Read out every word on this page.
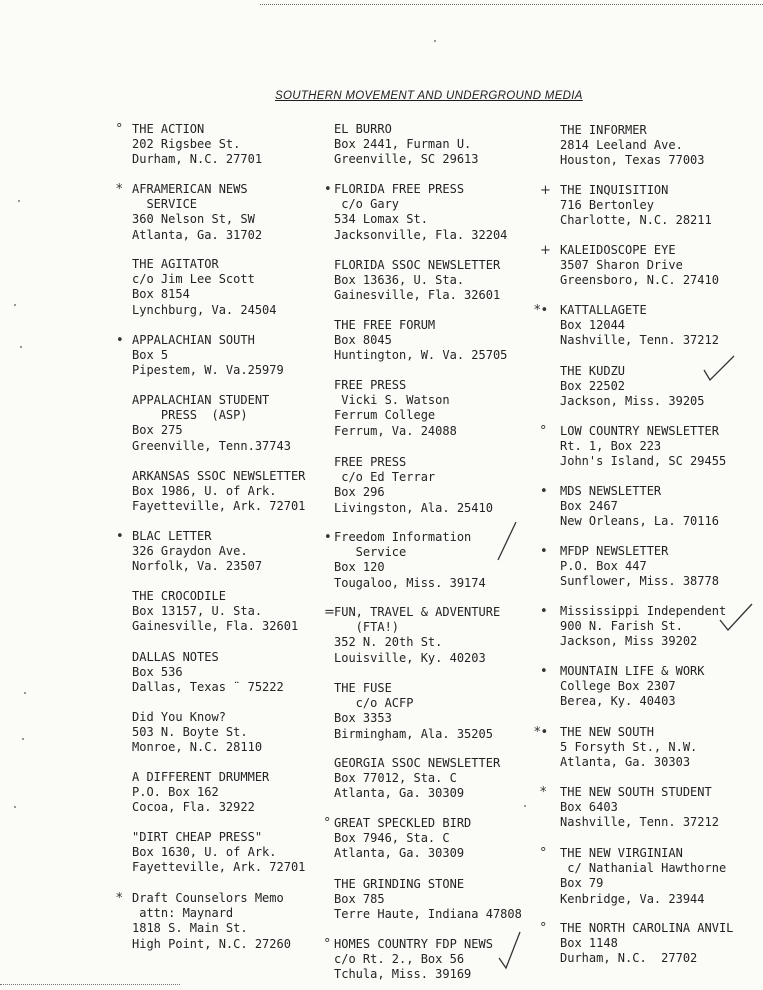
SOUTHERN MOVEMENT AND UNDERGROUND MEDIA
THE ACTION
202 Rigsbee St.
Durham, N.C. 27701
°
AFRAMERICAN NEWS
SERVICE
360 Nelson St, SW
Atlanta, Ga. 31702
*
THE AGITATOR
c/o Jim Lee Scott
Box 8154
Lynchburg, Va. 24504
APPALACHIAN SOUTH
Box 5
Pipestem, W. Va.25979
•
APPALACHIAN STUDENT
PRESS  (ASP)
Box 275
Greenville, Tenn.37743
ARKANSAS SSOC NEWSLETTER
Box 1986, U. of Ark.
Fayetteville, Ark. 72701
BLAC LETTER
326 Graydon Ave.
Norfolk, Va. 23507
•
THE CROCODILE
Box 13157, U. Sta.
Gainesville, Fla. 32601
DALLAS NOTES
Box 536
Dallas, Texas ¨ 75222
Did You Know?
503 N. Boyte St.
Monroe, N.C. 28110
A DIFFERENT DRUMMER
P.O. Box 162
Cocoa, Fla. 32922
"DIRT CHEAP PRESS"
Box 1630, U. of Ark.
Fayetteville, Ark. 72701
Draft Counselors Memo
attn: Maynard
1818 S. Main St.
High Point, N.C. 27260
*
EL BURRO
Box 2441, Furman U.
Greenville, SC 29613
FLORIDA FREE PRESS
c/o Gary
534 Lomax St.
Jacksonville, Fla. 32204
•
FLORIDA SSOC NEWSLETTER
Box 13636, U. Sta.
Gainesville, Fla. 32601
THE FREE FORUM
Box 8045
Huntington, W. Va. 25705
FREE PRESS
Vicki S. Watson
Ferrum College
Ferrum, Va. 24088
FREE PRESS
c/o Ed Terrar
Box 296
Livingston, Ala. 25410
Freedom Information
Service
Box 120
Tougaloo, Miss. 39174
•
FUN, TRAVEL & ADVENTURE
(FTA!)
352 N. 20th St.
Louisville, Ky. 40203
=
THE FUSE
c/o ACFP
Box 3353
Birmingham, Ala. 35205
GEORGIA SSOC NEWSLETTER
Box 77012, Sta. C
Atlanta, Ga. 30309
GREAT SPECKLED BIRD
Box 7946, Sta. C
Atlanta, Ga. 30309
°
THE GRINDING STONE
Box 785
Terre Haute, Indiana 47808
HOMES COUNTRY FDP NEWS
c/o Rt. 2., Box 56
Tchula, Miss. 39169
°
THE INFORMER
2814 Leeland Ave.
Houston, Texas 77003
THE INQUISITION
716 Bertonley
Charlotte, N.C. 28211
+
KALEIDOSCOPE EYE
3507 Sharon Drive
Greensboro, N.C. 27410
+
KATTALLAGETE
Box 12044
Nashville, Tenn. 37212
*•
THE KUDZU
Box 22502
Jackson, Miss. 39205
LOW COUNTRY NEWSLETTER
Rt. 1, Box 223
John's Island, SC 29455
°
MDS NEWSLETTER
Box 2467
New Orleans, La. 70116
•
MFDP NEWSLETTER
P.O. Box 447
Sunflower, Miss. 38778
•
Mississippi Independent
900 N. Farish St.
Jackson, Miss 39202
•
MOUNTAIN LIFE & WORK
College Box 2307
Berea, Ky. 40403
•
THE NEW SOUTH
5 Forsyth St., N.W.
Atlanta, Ga. 30303
*•
THE NEW SOUTH STUDENT
Box 6403
Nashville, Tenn. 37212
*
THE NEW VIRGINIAN
c/ Nathanial Hawthorne
Box 79
Kenbridge, Va. 23944
°
THE NORTH CAROLINA ANVIL
Box 1148
Durham, N.C.  27702
°
